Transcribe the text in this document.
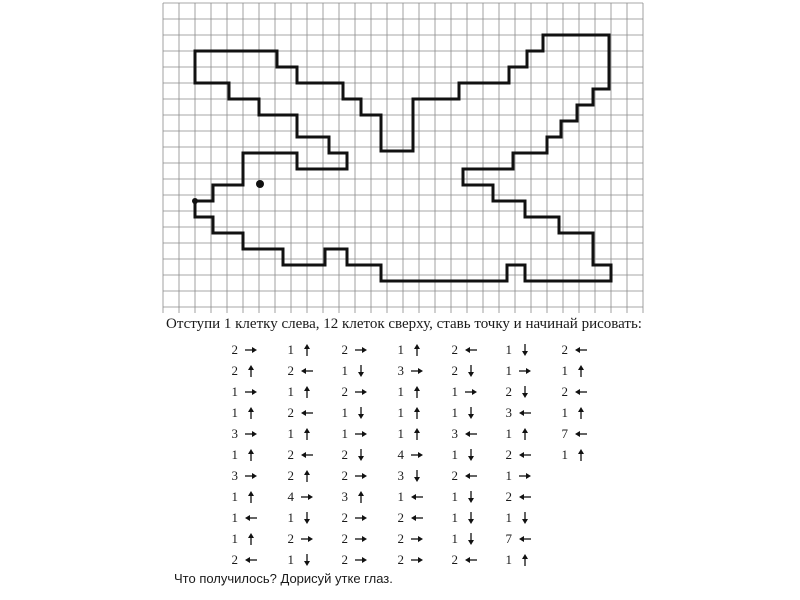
Отступи 1 клетку слева, 12 клеток сверху, ставь точку и начинай рисовать:
2
2
1
1
3
1
3
1
1
1
2
1
2
1
2
1
2
2
4
1
2
1
2
1
2
1
1
2
2
3
2
2
2
1
3
1
1
1
4
3
1
2
2
2
2
2
1
1
3
1
2
1
1
1
2
1
1
2
3
1
2
1
2
1
7
1
2
1
2
1
7
1
Что получилось? Дорисуй утке глаз.
